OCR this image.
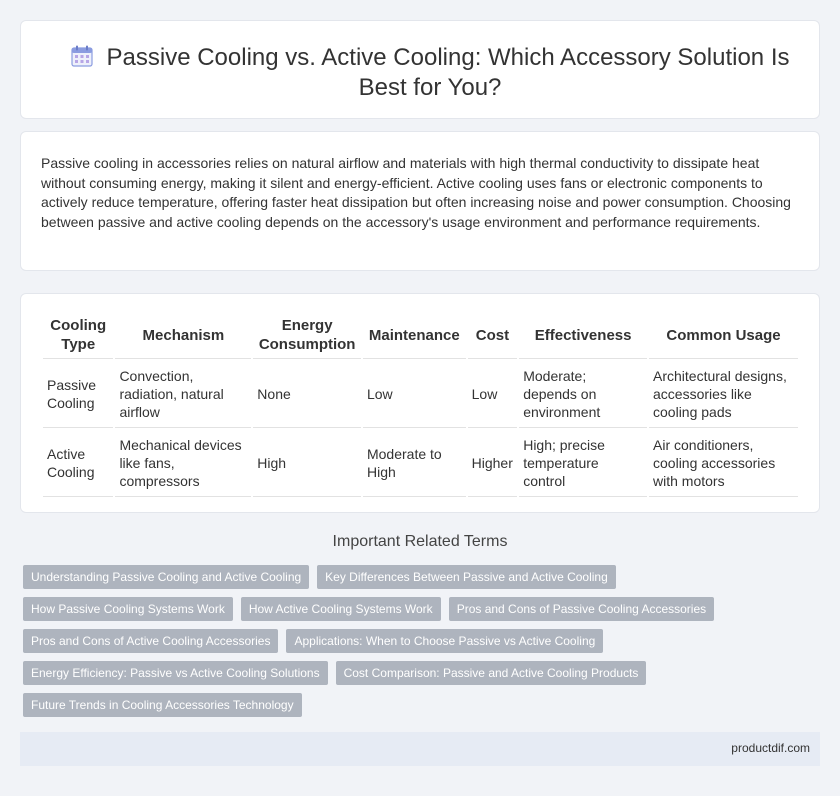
Passive Cooling vs. Active Cooling: Which Accessory Solution Is Best for You?

Passive cooling in accessories relies on natural airflow and materials with high thermal conductivity to dissipate heat without consuming energy, making it silent and energy-efficient. Active cooling uses fans or electronic components to actively reduce temperature, offering faster heat dissipation but often increasing noise and power consumption. Choosing between passive and active cooling depends on the accessory's usage environment and performance requirements.

Cooling Type	Mechanism	Energy Consumption	Maintenance	Cost	Effectiveness	Common Usage
Passive Cooling	Convection, radiation, natural airflow	None	Low	Low	Moderate; depends on environment	Architectural designs, accessories like cooling pads
Active Cooling	Mechanical devices like fans, compressors	High	Moderate to High	Higher	High; precise temperature control	Air conditioners, cooling accessories with motors
Important Related Terms
Understanding Passive Cooling and Active Cooling	Key Differences Between Passive and Active Cooling
How Passive Cooling Systems Work	How Active Cooling Systems Work	Pros and Cons of Passive Cooling Accessories
Pros and Cons of Active Cooling Accessories	Applications: When to Choose Passive vs Active Cooling
Energy Efficiency: Passive vs Active Cooling Solutions	Cost Comparison: Passive and Active Cooling Products
Future Trends in Cooling Accessories Technology
productdif.com
